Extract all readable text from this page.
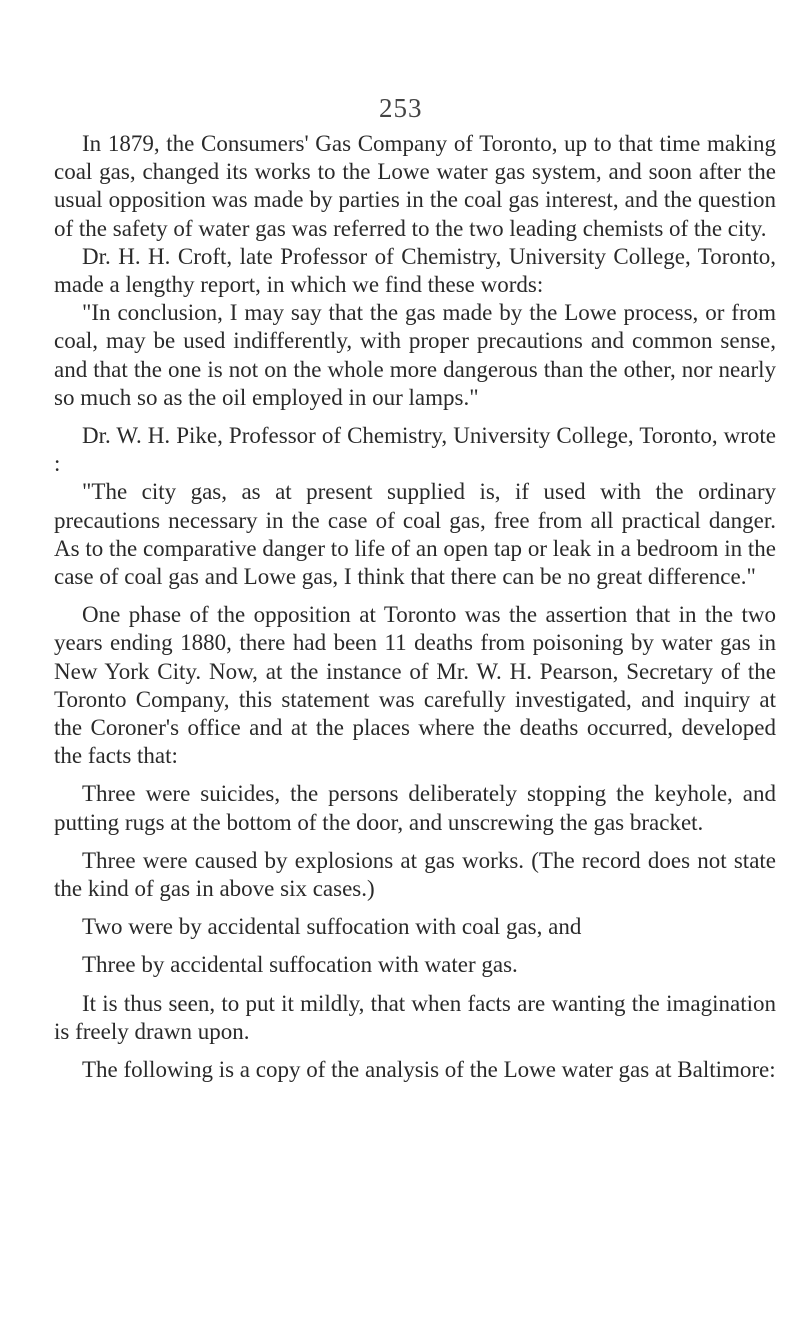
253

In 1879, the Consumers' Gas Company of Toronto, up to that time making coal gas, changed its works to the Lowe water gas system, and soon after the usual opposition was made by parties in the coal gas interest, and the question of the safety of water gas was referred to the two leading chemists of the city.

Dr. H. H. Croft, late Professor of Chemistry, University College, Toronto, made a lengthy report, in which we find these words:

"In conclusion, I may say that the gas made by the Lowe process, or from coal, may be used indifferently, with proper precautions and common sense, and that the one is not on the whole more dangerous than the other, nor nearly so much so as the oil employed in our lamps."

Dr. W. H. Pike, Professor of Chemistry, University College, Toronto, wrote :

"The city gas, as at present supplied is, if used with the ordinary precautions necessary in the case of coal gas, free from all practical danger. As to the comparative danger to life of an open tap or leak in a bedroom in the case of coal gas and Lowe gas, I think that there can be no great difference."

One phase of the opposition at Toronto was the assertion that in the two years ending 1880, there had been 11 deaths from poisoning by water gas in New York City. Now, at the instance of Mr. W. H. Pearson, Secretary of the Toronto Company, this statement was carefully investigated, and inquiry at the Coroner's office and at the places where the deaths occurred, developed the facts that:

Three were suicides, the persons deliberately stopping the keyhole, and putting rugs at the bottom of the door, and unscrewing the gas bracket.

Three were caused by explosions at gas works. (The record does not state the kind of gas in above six cases.)

Two were by accidental suffocation with coal gas, and

Three by accidental suffocation with water gas.

It is thus seen, to put it mildly, that when facts are wanting the imagination is freely drawn upon.

The following is a copy of the analysis of the Lowe water gas at Baltimore:
